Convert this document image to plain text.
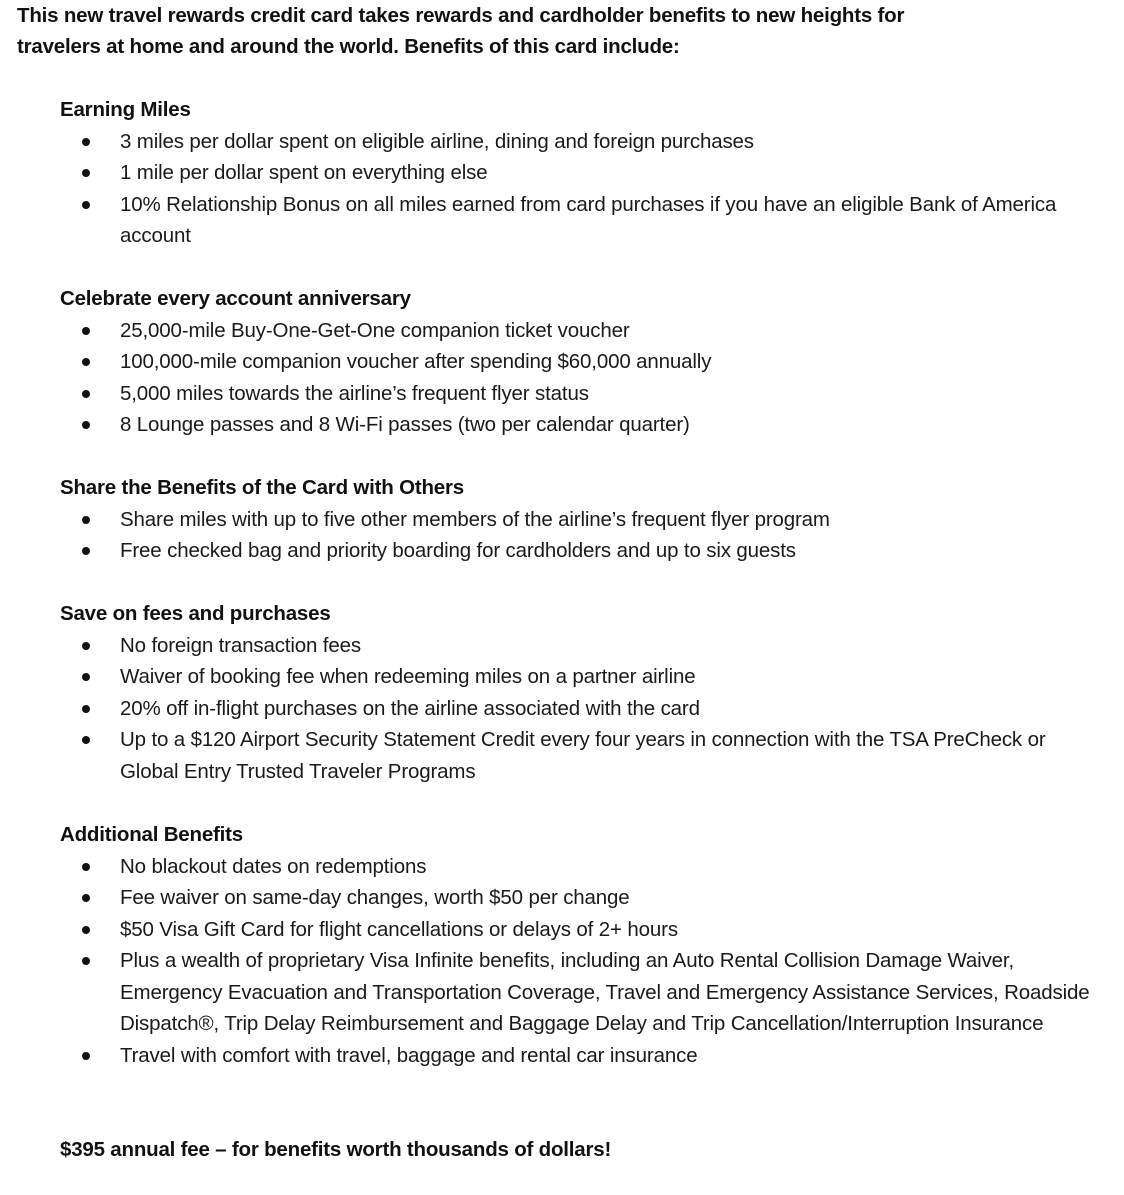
This new travel rewards credit card takes rewards and cardholder benefits to new heights for
travelers at home and around the world. Benefits of this card include:
Earning Miles
3 miles per dollar spent on eligible airline, dining and foreign purchases
1 mile per dollar spent on everything else
10% Relationship Bonus on all miles earned from card purchases if you have an eligible Bank of America account
Celebrate every account anniversary
25,000-mile Buy-One-Get-One companion ticket voucher
100,000-mile companion voucher after spending $60,000 annually
5,000 miles towards the airline’s frequent flyer status
8 Lounge passes and 8 Wi-Fi passes (two per calendar quarter)
Share the Benefits of the Card with Others
Share miles with up to five other members of the airline’s frequent flyer program
Free checked bag and priority boarding for cardholders and up to six guests
Save on fees and purchases
No foreign transaction fees
Waiver of booking fee when redeeming miles on a partner airline
20% off in-flight purchases on the airline associated with the card
Up to a $120 Airport Security Statement Credit every four years in connection with the TSA PreCheck or Global Entry Trusted Traveler Programs
Additional Benefits
No blackout dates on redemptions
Fee waiver on same-day changes, worth $50 per change
$50 Visa Gift Card for flight cancellations or delays of 2+ hours
Plus a wealth of proprietary Visa Infinite benefits, including an Auto Rental Collision Damage Waiver, Emergency Evacuation and Transportation Coverage, Travel and Emergency Assistance Services, Roadside Dispatch®, Trip Delay Reimbursement and Baggage Delay and Trip Cancellation/Interruption Insurance
Travel with comfort with travel, baggage and rental car insurance
$395 annual fee – for benefits worth thousands of dollars!
